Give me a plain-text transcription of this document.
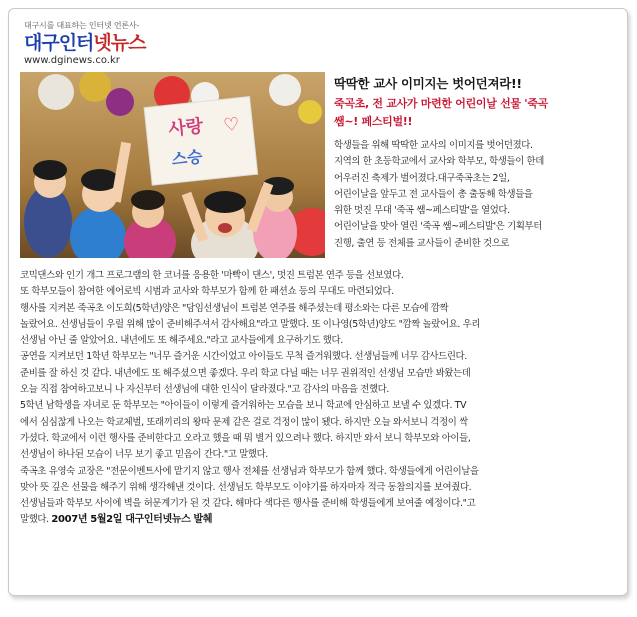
대구시를 대표하는 인터넷 언론사-
대구인터넷뉴스
www.dginews.co.kr
사랑
스승
♡
딱딱한 교사 이미지는 벗어던져라!!
죽곡초, 전 교사가 마련한 어린이날 선물 '죽곡
쌤~! 페스티벌!!
학생들을 위해 딱딱한 교사의 이미지를 벗어던졌다.
지역의 한 초등학교에서 교사와 학부모, 학생들이 한데
어우러진 축제가 벌어졌다.대구죽곡초는 2일,
어린이날을 앞두고 전 교사들이 총 출동해 학생들을
위한 멋진 무대 '죽곡 쌤~페스티발'을 열었다.
어린이날을 맞아 열린 '죽곡 쌤~페스티발'은 기획부터
진행, 출연 등 전체를 교사들이 준비한 것으로
코믹댄스와 인기 개그 프로그램의 한 코너를 응용한 '마빡이 댄스', 멋진 트럼본 연주 등을 선보였다.
또 학부모들이 참여한 에어로빅 시범과 교사와 학부모가 함께 한 패션쇼 등의 무대도 마련되었다.
행사를 지켜본 죽곡초 이도희(5학년)양은 "담임선생님이 트럼본 연주를 해주셨는데 평소와는 다른 모습에 깜짝
놀랐어요. 선생님들이 우릴 위해 많이 준비해주셔서 감사해요"라고 말했다. 또 이나영(5학년)양도 "깜짝 놀랐어요. 우리
선생님 아닌 줄 알았어요. 내년에도 또 해주세요."라고 교사들에게 요구하기도 했다.
공연을 지켜보던 1학년 학부모는 "너무 즐거운 시간이었고 아이들도 무척 즐거워했다. 선생님들께 너무 감사드린다.
준비를 잘 하신 것 같다. 내년에도 또 해주셨으면 좋겠다. 우리 학교 다닐 때는 너무 권위적인 선생님 모습만 봐왔는데
오늘 직접 참여하고보니 나 자신부터 선생님에 대한 인식이 달라졌다."고 감사의 마음을 전했다.
5학년 남학생을 자녀로 둔 학부모는 "아이들이 이렇게 즐거워하는 모습을 보니 학교에 안심하고 보낼 수 있겠다. TV
에서 심심찮게 나오는 학교체벌, 또래끼리의 왕따 문제 같은 걸로 걱정이 많이 됐다. 하지만 오늘 와서보니 걱정이 싹
가셨다. 학교에서 이런 행사를 준비한다고 오라고 했을 때 뭐 별거 있으려나 했다. 하지만 와서 보니 학부모와 아이들,
선생님이 하나된 모습이 너무 보기 좋고 믿음이 간다."고 말했다.
죽곡초 유영숙 교장은 "전문이벤트사에 맡기지 않고 행사 전체를 선생님과 학부모가 함께 했다. 학생들에게 어린이날을
맞아 뜻 깊은 선물을 해주기 위해 생각해낸 것이다. 선생님도 학부모도 이야기를 하자마자 적극 동참의지를 보여줬다.
선생님들과 학부모 사이에 벽을 허문계기가 된 것 같다. 해마다 색다른 행사를 준비해 학생들에게 보여줄 예정이다."고
말했다. 2007년 5월2일 대구인터넷뉴스 발췌
